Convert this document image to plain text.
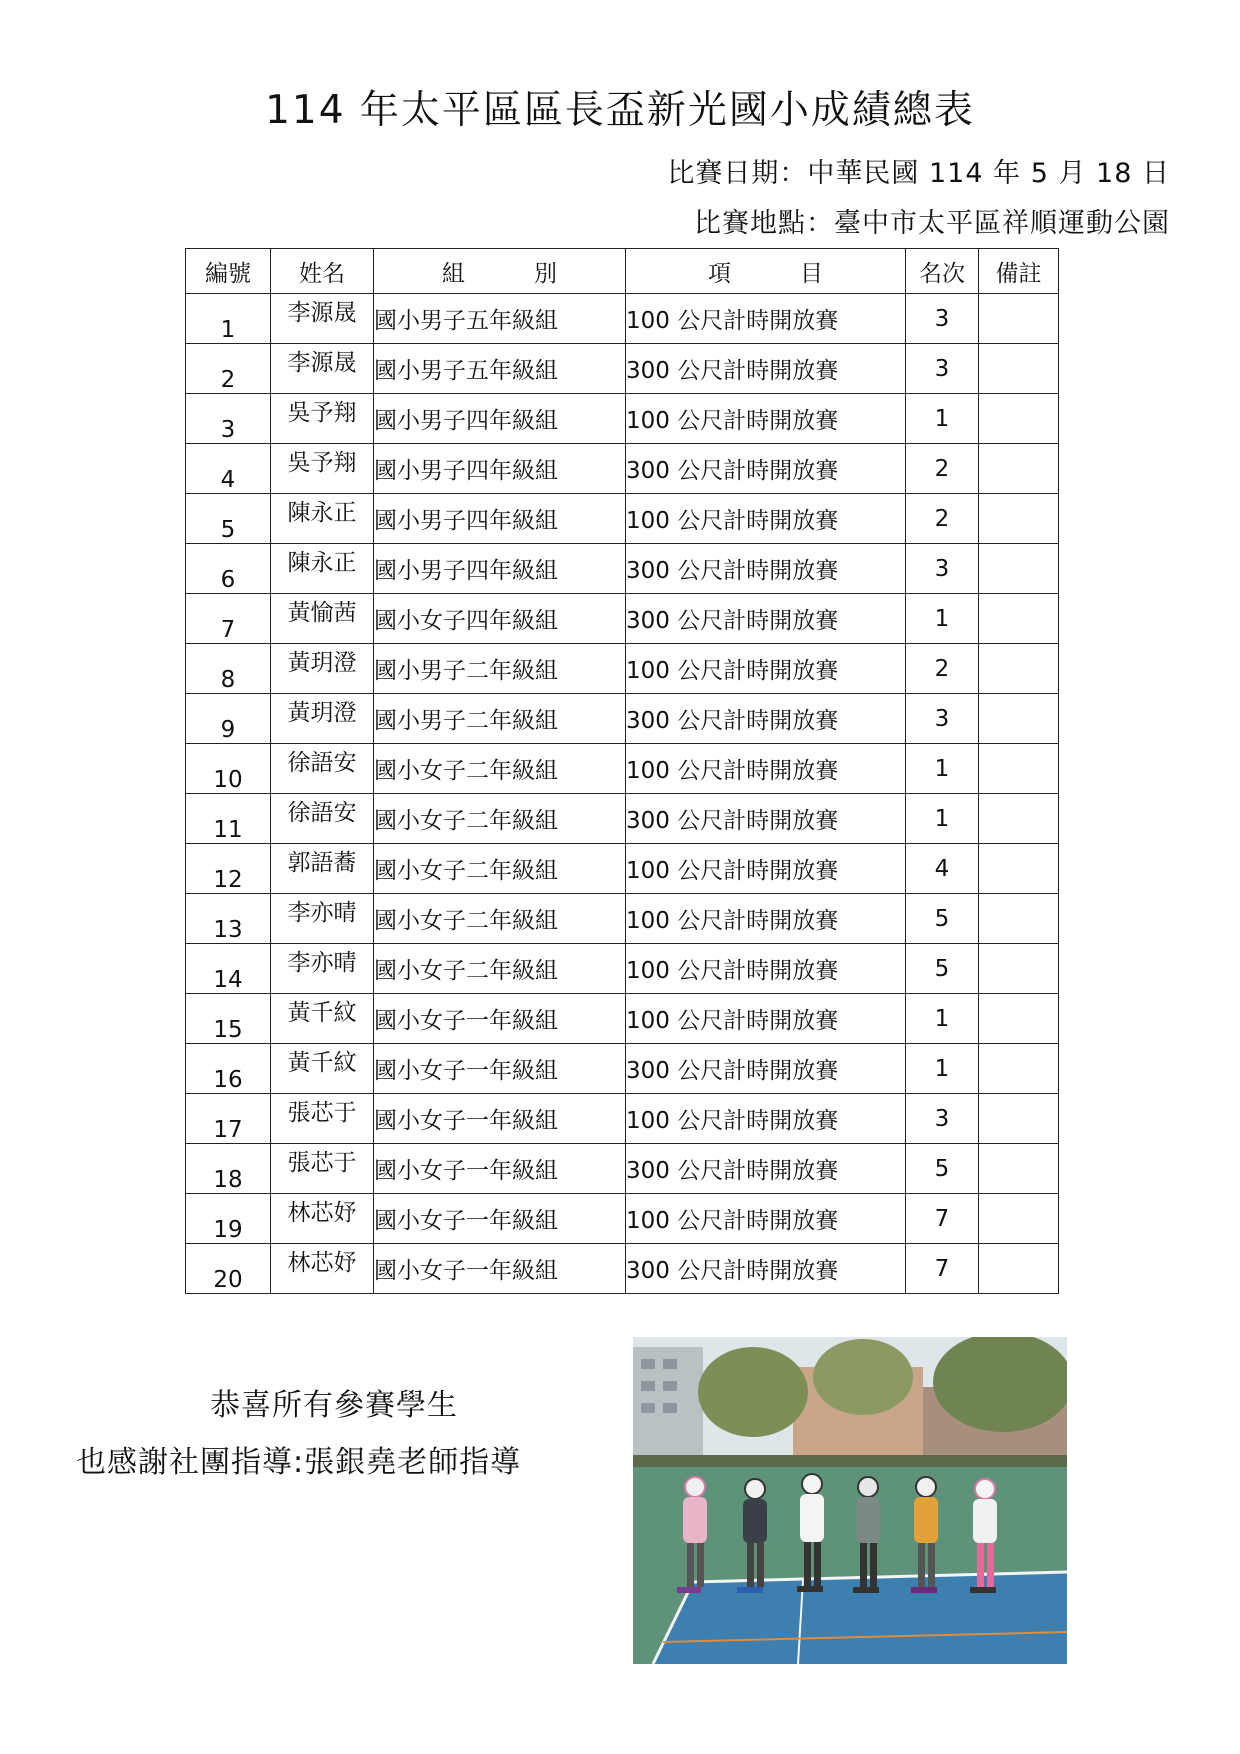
114 年太平區區長盃新光國小成績總表
比賽日期：中華民國 114 年 5 月 18 日
比賽地點：臺中市太平區祥順運動公園
編號	姓名	組　　　別	項　　　目	名次	備註
1	李源晟	國小男子五年級組	100 公尺計時開放賽	3	
2	李源晟	國小男子五年級組	300 公尺計時開放賽	3	
3	吳予翔	國小男子四年級組	100 公尺計時開放賽	1	
4	吳予翔	國小男子四年級組	300 公尺計時開放賽	2	
5	陳永正	國小男子四年級組	100 公尺計時開放賽	2	
6	陳永正	國小男子四年級組	300 公尺計時開放賽	3	
7	黃愉茜	國小女子四年級組	300 公尺計時開放賽	1	
8	黃玥澄	國小男子二年級組	100 公尺計時開放賽	2	
9	黃玥澄	國小男子二年級組	300 公尺計時開放賽	3	
10	徐語安	國小女子二年級組	100 公尺計時開放賽	1	
11	徐語安	國小女子二年級組	300 公尺計時開放賽	1	
12	郭語蕎	國小女子二年級組	100 公尺計時開放賽	4	
13	李亦晴	國小女子二年級組	100 公尺計時開放賽	5	
14	李亦晴	國小女子二年級組	100 公尺計時開放賽	5	
15	黃千紋	國小女子一年級組	100 公尺計時開放賽	1	
16	黃千紋	國小女子一年級組	300 公尺計時開放賽	1	
17	張芯于	國小女子一年級組	100 公尺計時開放賽	3	
18	張芯于	國小女子一年級組	300 公尺計時開放賽	5	
19	林芯妤	國小女子一年級組	100 公尺計時開放賽	7	
20	林芯妤	國小女子一年級組	300 公尺計時開放賽	7	
恭喜所有參賽學生
也感謝社團指導:張銀堯老師指導
